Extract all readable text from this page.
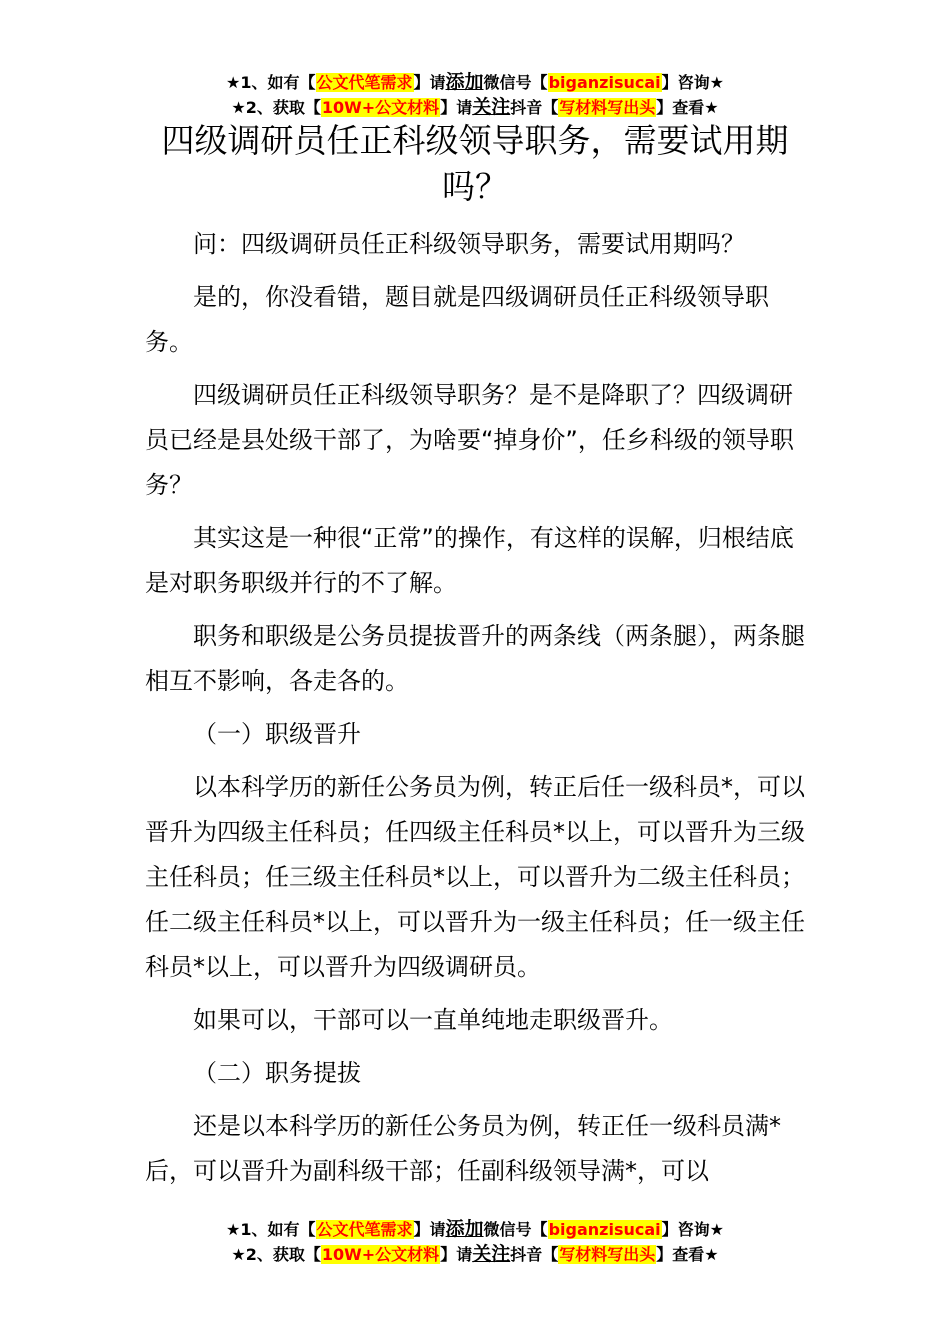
★1、如有【公文代笔需求】请添加微信号【biganzisucai】咨询★
★2、获取【10W+公文材料】请关注抖音【写材料写出头】查看★
四级调研员任正科级领导职务，需要试用期吗？

问：四级调研员任正科级领导职务，需要试用期吗？

是的，你没看错，题目就是四级调研员任正科级领导职务。

四级调研员任正科级领导职务？是不是降职了？四级调研员已经是县处级干部了，为啥要“掉身价”，任乡科级的领导职务？

其实这是一种很“正常”的操作，有这样的误解，归根结底是对职务职级并行的不了解。

职务和职级是公务员提拔晋升的两条线（两条腿），两条腿相互不影响，各走各的。

（一）职级晋升

以本科学历的新任公务员为例，转正后任一级科员*，可以晋升为四级主任科员；任四级主任科员*以上，可以晋升为三级主任科员；任三级主任科员*以上，可以晋升为二级主任科员；任二级主任科员*以上，可以晋升为一级主任科员；任一级主任科员*以上，可以晋升为四级调研员。

如果可以，干部可以一直单纯地走职级晋升。

（二）职务提拔

还是以本科学历的新任公务员为例，转正任一级科员满*后，可以晋升为副科级干部；任副科级领导满*，可以

★1、如有【公文代笔需求】请添加微信号【biganzisucai】咨询★
★2、获取【10W+公文材料】请关注抖音【写材料写出头】查看★
